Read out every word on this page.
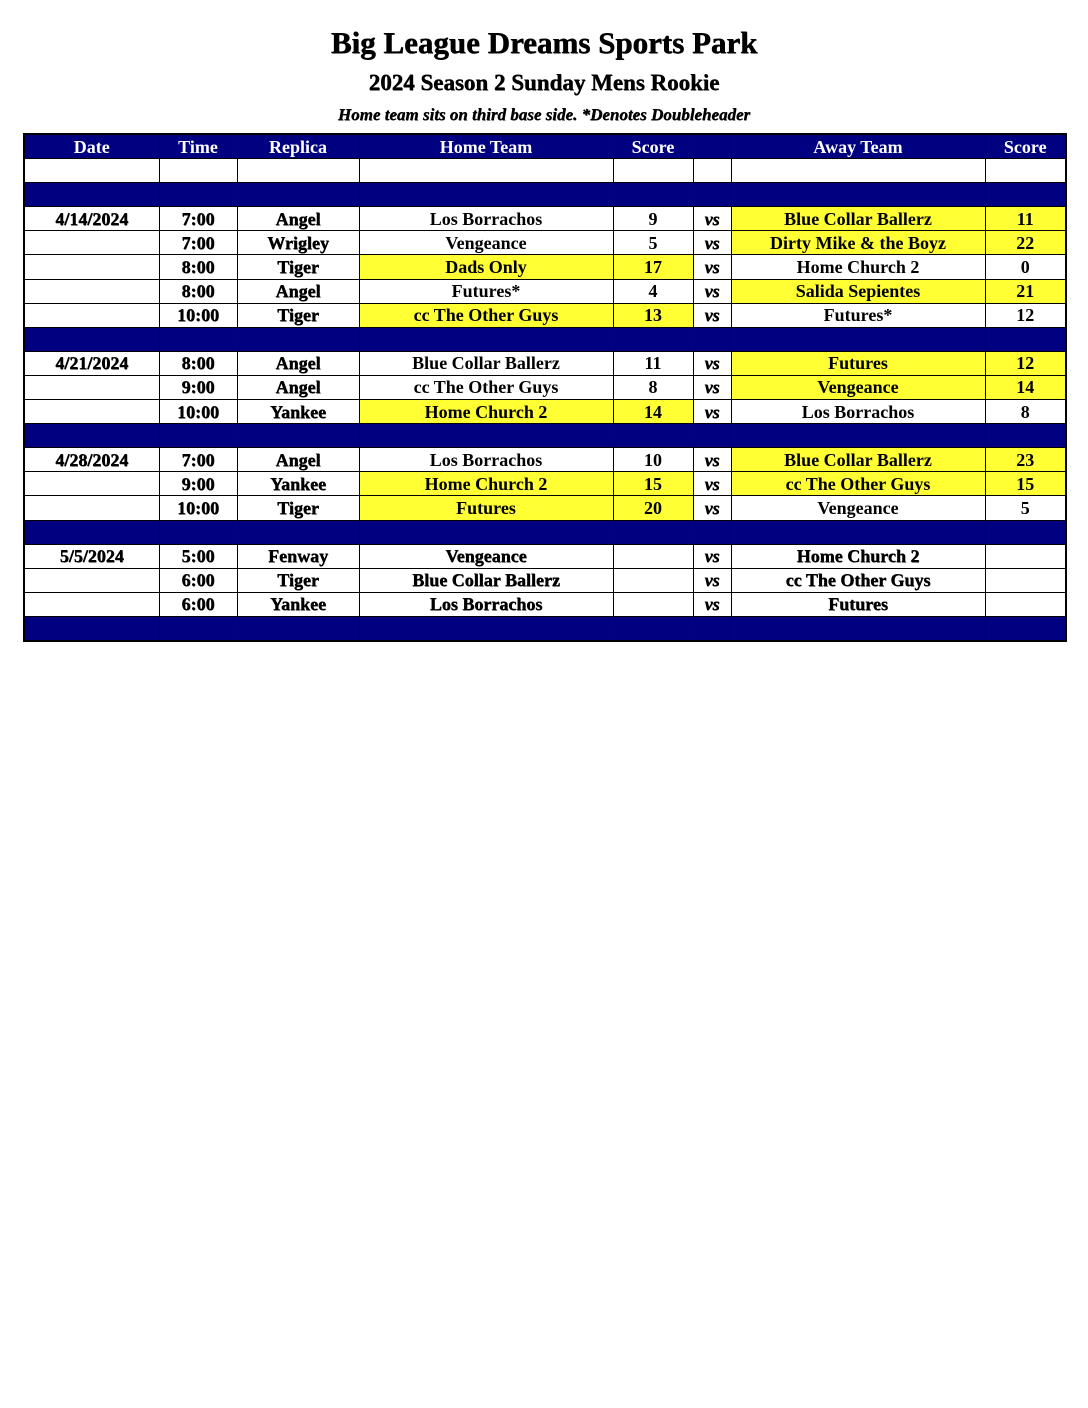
Big League Dreams Sports Park
2024 Season 2 Sunday Mens Rookie
Home team sits on third base side. *Denotes Doubleheader
Date	Time	Replica	Home Team	Score		Away Team	Score

4/14/2024	7:00	Angel	Los Borrachos	9	vs	Blue Collar Ballerz	11
	7:00	Wrigley	Vengeance	5	vs	Dirty Mike & the Boyz	22
	8:00	Tiger	Dads Only	17	vs	Home Church 2	0
	8:00	Angel	Futures*	4	vs	Salida Sepientes	21
	10:00	Tiger	cc The Other Guys	13	vs	Futures*	12

4/21/2024	8:00	Angel	Blue Collar Ballerz	11	vs	Futures	12
	9:00	Angel	cc The Other Guys	8	vs	Vengeance	14
	10:00	Yankee	Home Church 2	14	vs	Los Borrachos	8

4/28/2024	7:00	Angel	Los Borrachos	10	vs	Blue Collar Ballerz	23
	9:00	Yankee	Home Church 2	15	vs	cc The Other Guys	15
	10:00	Tiger	Futures	20	vs	Vengeance	5

5/5/2024	5:00	Fenway	Vengeance		vs	Home Church 2	
	6:00	Tiger	Blue Collar Ballerz		vs	cc The Other Guys	
	6:00	Yankee	Los Borrachos		vs	Futures	
